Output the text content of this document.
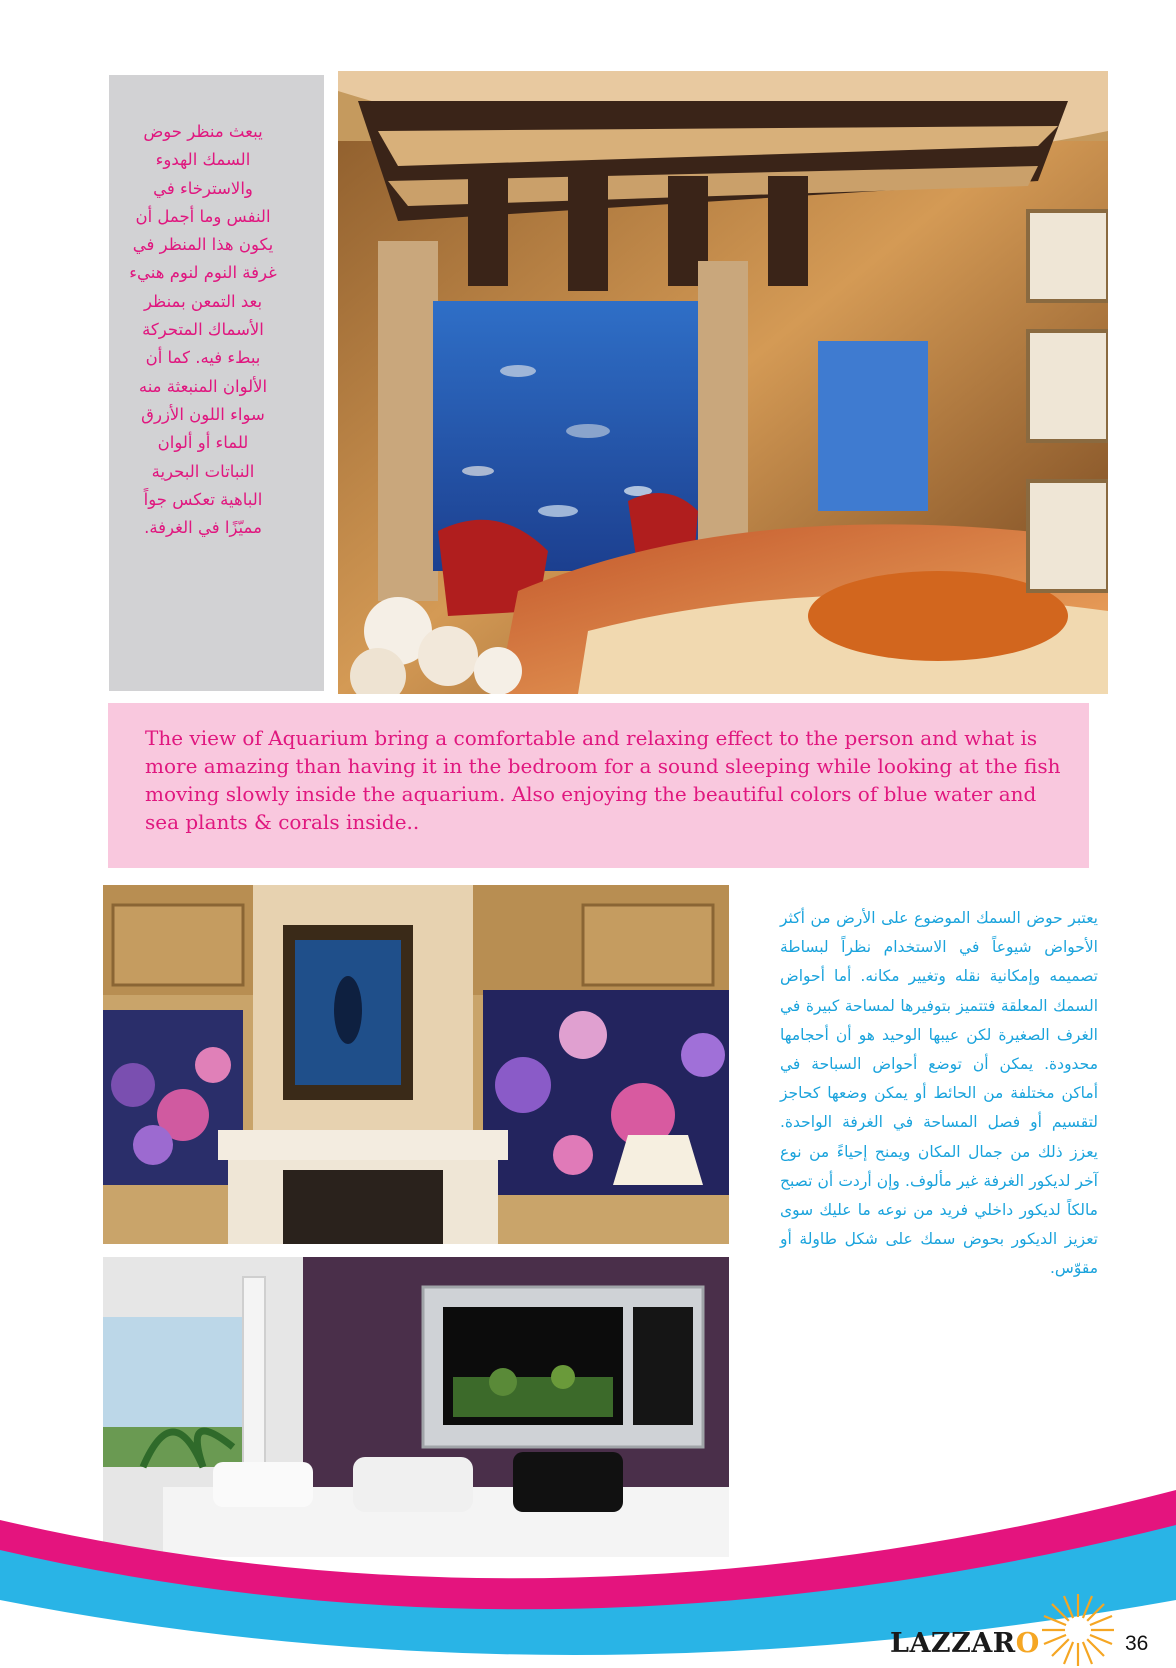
يبعث منظر حوض
السمك الهدوء
والاسترخاء في
النفس وما أجمل أن
يكون هذا المنظر في
غرفة النوم لنوم هنيء
بعد التمعن بمنظر
الأسماك المتحركة
ببطء فيه. كما أن
الألوان المنبعثة منه
سواء اللون الأزرق
للماء أو ألوان
النباتات البحرية
الباهية تعكس جواً
مميّزًا في الغرفة.
The view of Aquarium bring a comfortable and relaxing effect to the person and what is more amazing than having it in the bedroom for a sound sleeping while looking at the fish moving slowly inside the aquarium. Also enjoying the beautiful colors of blue water and sea plants & corals inside..
يعتبر حوض السمك الموضوع على الأرض من أكثر الأحواض شيوعاً في الاستخدام نظراً لبساطة تصميمه وإمكانية نقله وتغيير مكانه. أما أحواض السمك المعلقة فتتميز بتوفيرها لمساحة كبيرة في الغرف الصغيرة لكن عيبها الوحيد هو أن أحجامها محدودة. يمكن أن توضع أحواض السباحة في أماكن مختلفة من الحائط أو يمكن وضعها كحاجز لتقسيم أو فصل المساحة في الغرفة الواحدة. يعزز ذلك من جمال المكان ويمنح إحياءً من نوع آخر لديكور الغرفة غير مألوف. وإن أردت أن تصبح مالكاً لديكور داخلي فريد من نوعه ما عليك سوى تعزيز الديكور بحوض سمك على شكل طاولة أو مقوّس.
LAZZARO	36
